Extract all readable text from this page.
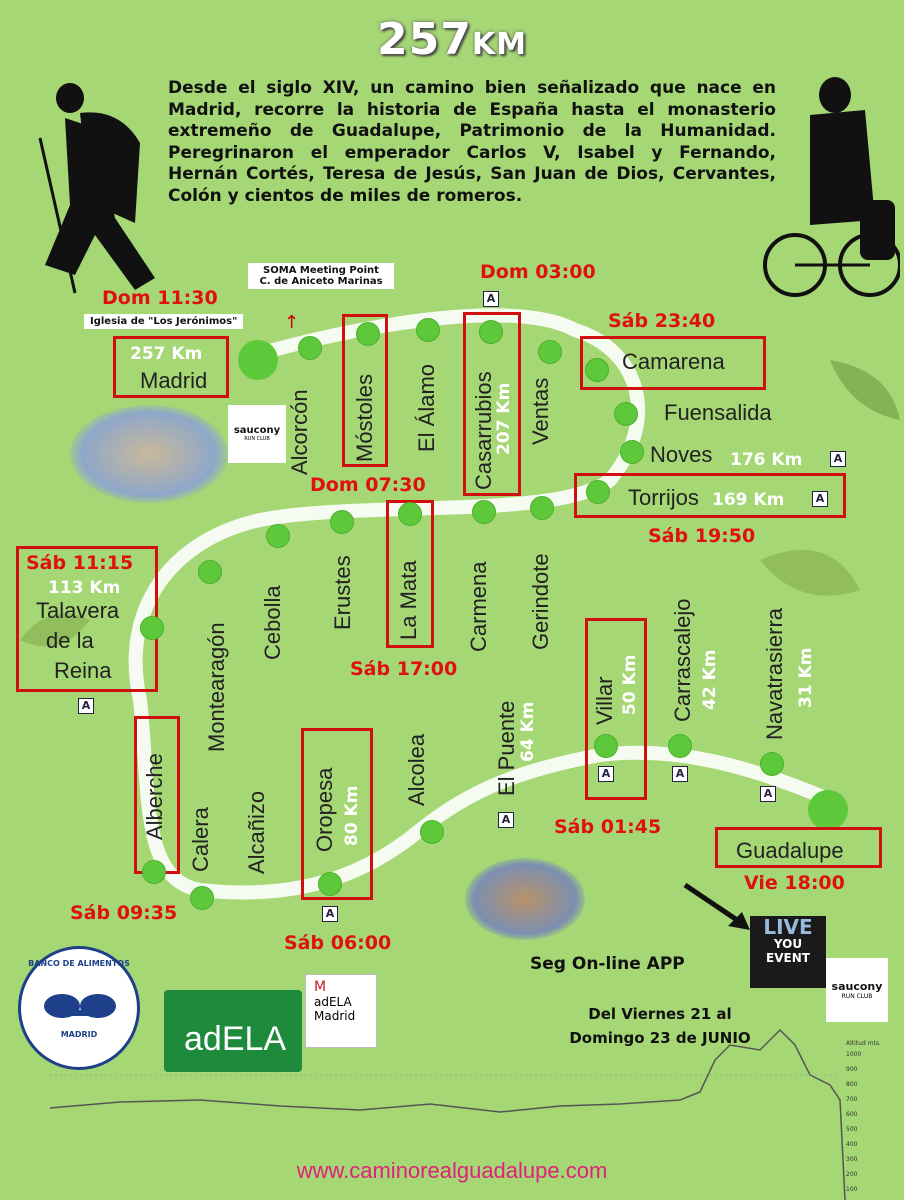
257KM
Desde el siglo XIV, un camino bien señalizado que nace en Madrid, recorre la historia de España hasta el monasterio extremeño de Guadalupe, Patrimonio de la Humanidad. Peregrinaron el emperador Carlos V, Isabel y Fernando, Hernán Cortés, Teresa de Jesús, San Juan de Dios, Cervantes, Colón y cientos de miles de romeros.
SOMA Meeting Point
C. de Aniceto Marinas
Iglesia de "Los Jerónimos"	↑
Dom 11:30
257 Km
Madrid
saucony
RUN CLUB Alcorcón Móstoles El Álamo
Dom 03:00
A
Casarrubios
207 Km Ventas
Sáb 23:40
Camarena
Fuensalida
Noves 176 Km	A
Torrijos 169 Km	A
Sáb 19:50
Gerindote
Carmena
Dom 07:30
La Mata
Sáb 17:00
Erustes
Cebolla
Montearagón
Sáb 11:15
113 Km
Talavera
de la
Reina
A
Alberche
Sáb 09:35
Calera Alcañizo Oropesa 80 Km
A
Sáb 06:00
Alcolea	El Puente 64 Km
A
Villar 50 Km
A
Sáb 01:45
Carrascalejo 42 Km
A
Navatrasierra 31 Km
A
Guadalupe
Vie 18:00
LIVE
YOU
EVENT
Seg On-line APP
saucony
RUN CLUB
Del Viernes 21 al
Domingo 23 de JUNIO
BANCO DE ALIMENTOS
MADRID	adELA
M
adELA
Madrid
Altitud mts.
1000
900
800
700
600
500
400
300
200
100
www.caminorealguadalupe.com
